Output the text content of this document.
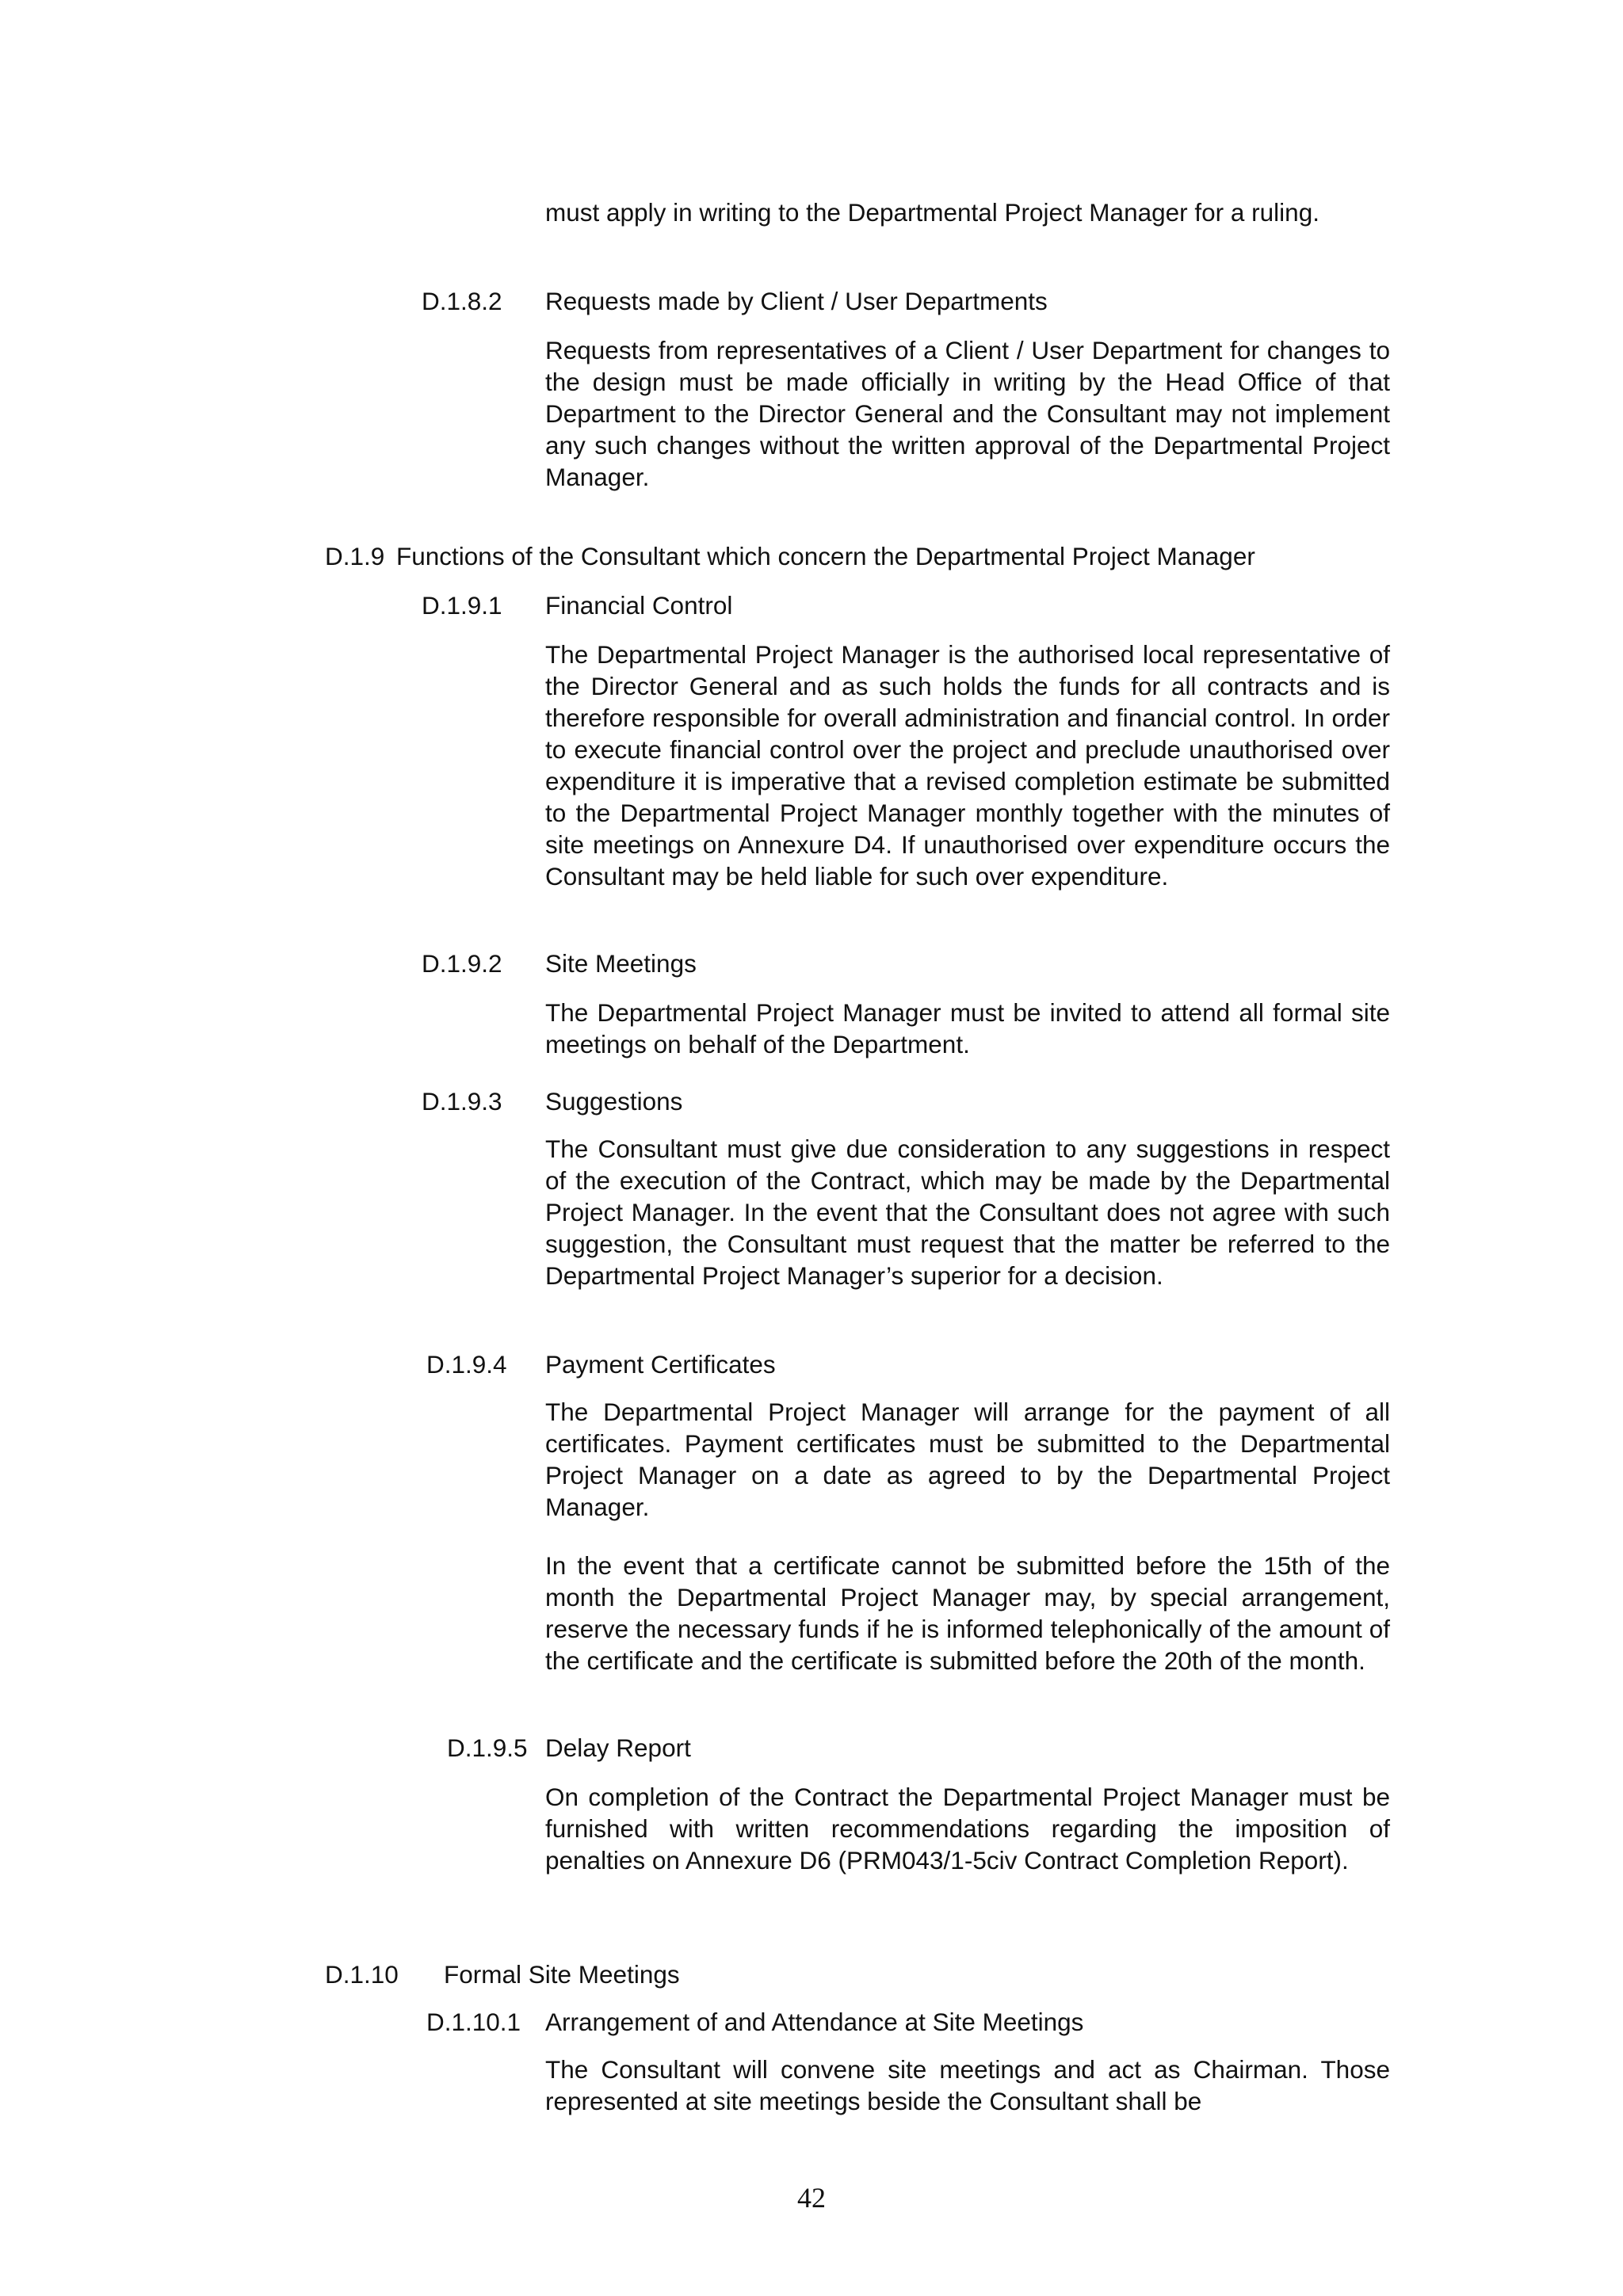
must apply in writing to the Departmental Project Manager for a ruling.
D.1.8.2 Requests made by Client / User Departments
Requests from representatives of a Client / User Department for changes to the design must be made officially in writing by the Head Office of that Department to the Director General and the Consultant may not implement any such changes without the written approval of the Departmental Project Manager.
D.1.9 Functions of the Consultant which concern the Departmental Project Manager
D.1.9.1 Financial Control
The Departmental Project Manager is the authorised local representative of the Director General and as such holds the funds for all contracts and is therefore responsible for overall administration and financial control. In order to execute financial control over the project and preclude unauthorised over expenditure it is imperative that a revised completion estimate be submitted to the Departmental Project Manager monthly together with the minutes of site meetings on Annexure D4. If unauthorised over expenditure occurs the Consultant may be held liable for such over expenditure.
D.1.9.2 Site Meetings
The Departmental Project Manager must be invited to attend all formal site meetings on behalf of the Department.
D.1.9.3 Suggestions
The Consultant must give due consideration to any suggestions in respect of the execution of the Contract, which may be made by the Departmental Project Manager. In the event that the Consultant does not agree with such suggestion, the Consultant must request that the matter be referred to the Departmental Project Manager’s superior for a decision.
D.1.9.4 Payment Certificates
The Departmental Project Manager will arrange for the payment of all certificates. Payment certificates must be submitted to the Departmental Project Manager on a date as agreed to by the Departmental Project Manager.
In the event that a certificate cannot be submitted before the 15th of the month the Departmental Project Manager may, by special arrangement, reserve the necessary funds if he is informed telephonically of the amount of the certificate and the certificate is submitted before the 20th of the month.
D.1.9.5 Delay Report
On completion of the Contract the Departmental Project Manager must be furnished with written recommendations regarding the imposition of penalties on Annexure D6 (PRM043/1-5civ Contract Completion Report).
D.1.10 Formal Site Meetings
D.1.10.1 Arrangement of and Attendance at Site Meetings
The Consultant will convene site meetings and act as Chairman. Those represented at site meetings beside the Consultant shall be
42
